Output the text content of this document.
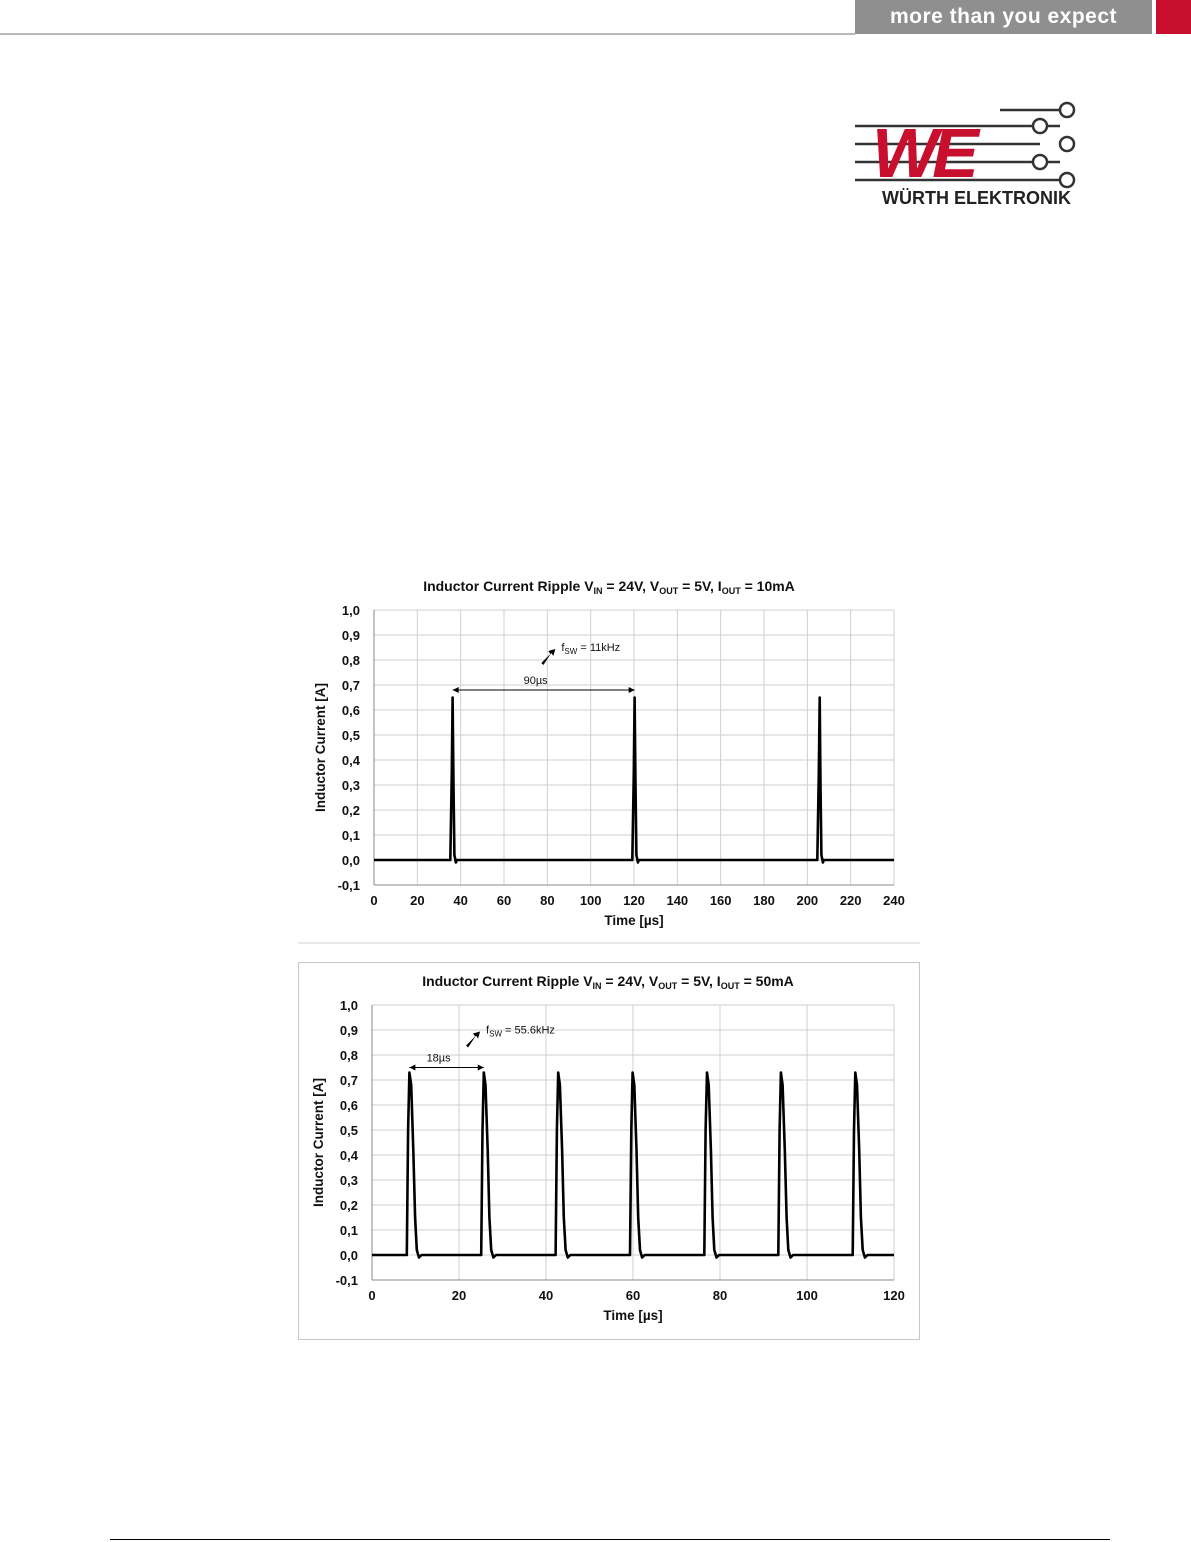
more than you expect
WE
WÜRTH ELEKTRONIK
Inductor Current Ripple $V_{IN} = 24V$, $V_{OUT} = 5V$, $I_{OUT} = 10mA$
0 20 40 60 80 100 120 140 160 180 200 220 240
-0,1
0,0
0,1
0,2
0,3
0,4
0,5
0,6
0,7
0,8
0,9
1,0
Time [µs]
Inductor Current [A]
90µs
$f_{SW} = 11kHz$
Inductor Current Ripple $V_{IN} = 24V$, $V_{OUT} = 5V$, $I_{OUT} = 50mA$
0	20	40	60	80	100	120
-0,1
0,0
0,1
0,2
0,3
0,4
0,5
0,6
0,7
0,8
0,9
1,0
Time [µs]
Inductor Current [A]
18µs
$f_{SW} = 55.6kHz$
